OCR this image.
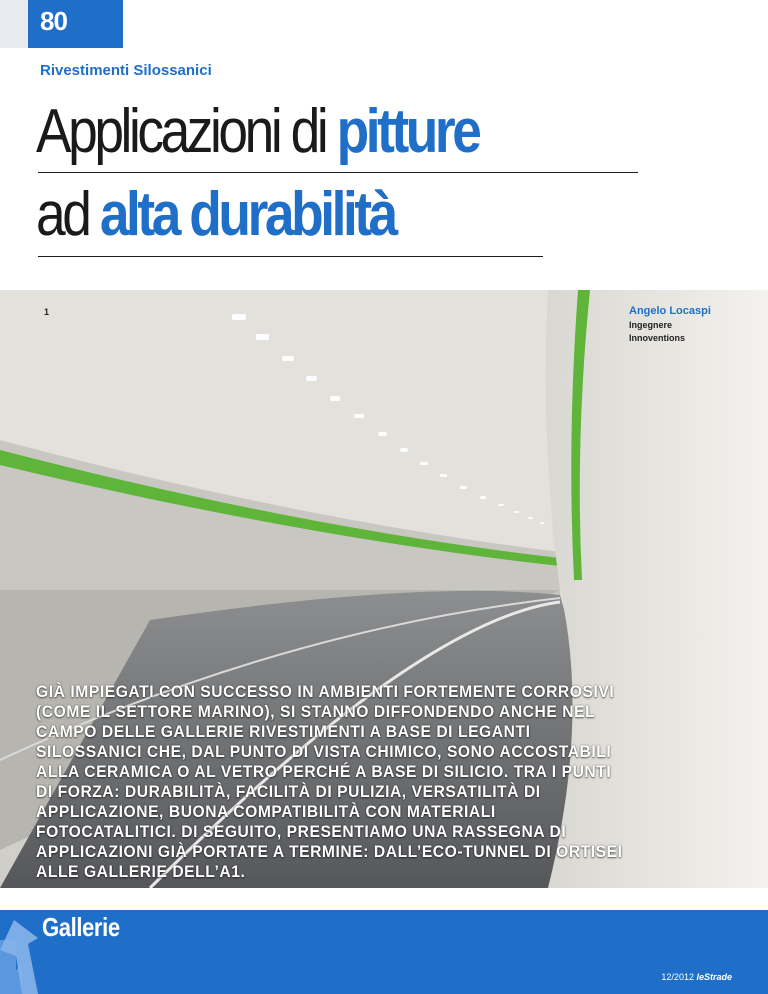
80
Rivestimenti Silossanici
Applicazioni di pitture
ad alta durabilità
1	Angelo Locaspi
Ingegnere
Innoventions
GIÀ IMPIEGATI CON SUCCESSO IN AMBIENTI FORTEMENTE CORROSIVI (COME IL SETTORE MARINO), SI STANNO DIFFONDENDO ANCHE NEL CAMPO DELLE GALLERIE RIVESTIMENTI A BASE DI LEGANTI SILOSSANICI CHE, DAL PUNTO DI VISTA CHIMICO, SONO ACCOSTABILI ALLA CERAMICA O AL VETRO PERCHÉ A BASE DI SILICIO. TRA I PUNTI DI FORZA: DURABILITÀ, FACILITÀ DI PULIZIA, VERSATILITÀ DI APPLICAZIONE, BUONA COMPATIBILITÀ CON MATERIALI FOTOCATALITICI. DI SEGUITO, PRESENTIAMO UNA RASSEGNA DI APPLICAZIONI GIÀ PORTATE A TERMINE: DALL’ECO-TUNNEL DI ORTISEI ALLE GALLERIE DELL’A1.
Gallerie
12/2012 leStrade
